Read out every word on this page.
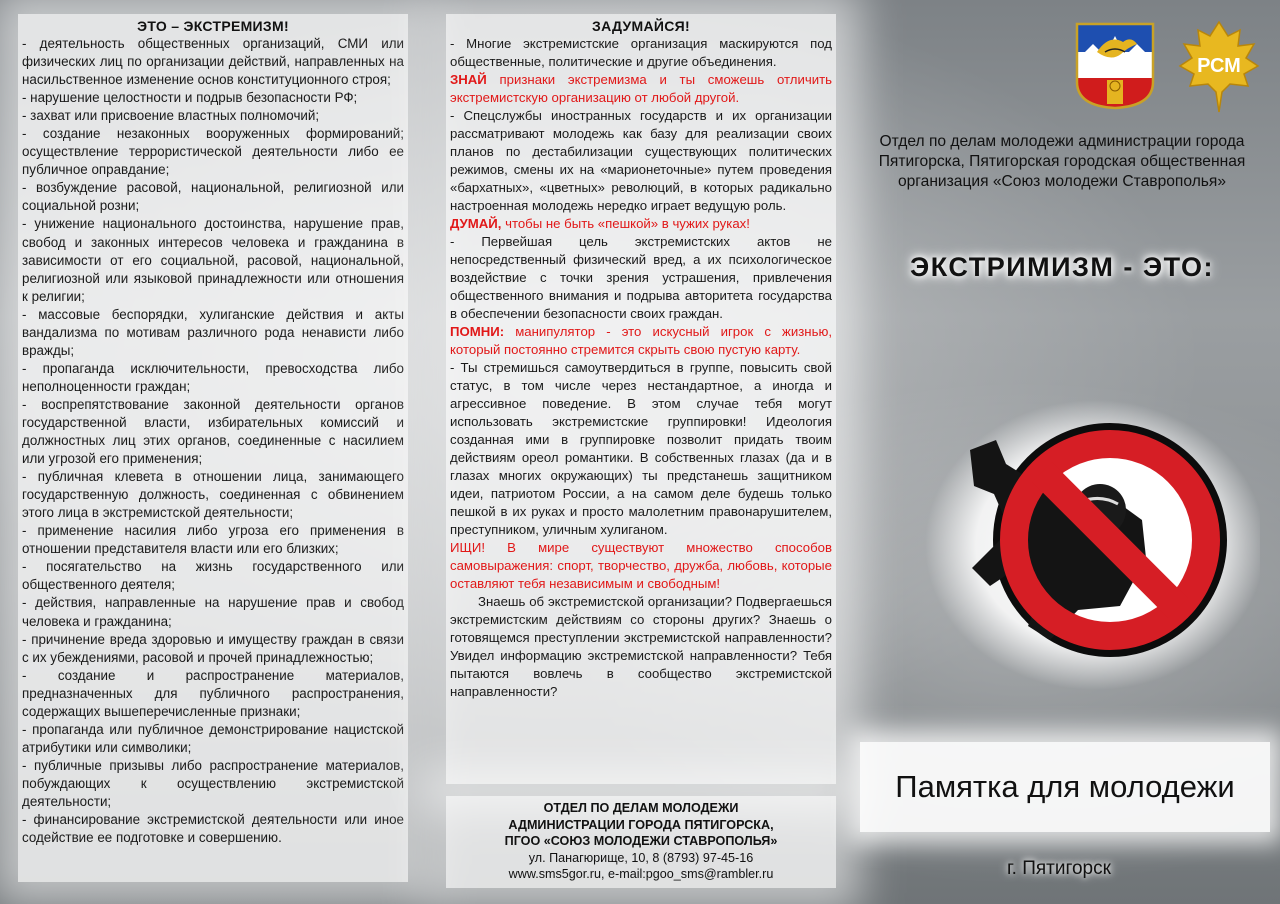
ЭТО – ЭКСТРЕМИЗМ!

- деятельность общественных организаций, СМИ или физических лиц по организации действий, направленных на насильственное изменение основ конституционного строя;

- нарушение целостности и подрыв безопасности РФ;

- захват или присвоение властных полномочий;

- создание незаконных вооруженных формирований; осуществление террористической деятельности либо ее публичное оправдание;

- возбуждение расовой, национальной, религиозной или социальной розни;

- унижение национального достоинства, нарушение прав, свобод и законных интересов человека и гражданина в зависимости от его социальной, расовой, национальной, религиозной или языковой принадлежности или отношения к религии;

- массовые беспорядки, хулиганские действия и акты вандализма по мотивам различного рода ненависти либо вражды;

- пропаганда исключительности, превосходства либо неполноценности граждан;

- воспрепятствование законной деятельности органов государственной власти, избирательных комиссий и должностных лиц этих органов, соединенные с насилием или угрозой его применения;

- публичная клевета в отношении лица, занимающего государственную должность, соединенная с обвинением этого лица в экстремистской деятельности;

- применение насилия либо угроза его применения в отношении представителя власти или его близких;

- посягательство на жизнь государственного или общественного деятеля;

- действия, направленные на нарушение прав и свобод человека и гражданина;

- причинение вреда здоровью и имуществу граждан в связи с их убеждениями, расовой и прочей принадлежностью;

- создание и распространение материалов, предназначенных для публичного распространения, содержащих вышеперечисленные признаки;

- пропаганда или публичное демонстрирование нацистской атрибутики или символики;

- публичные призывы либо распространение материалов, побуждающих к осуществлению экстремистской деятельности;

- финансирование экстремистской деятельности или иное содействие ее подготовке и совершению.

ЗАДУМАЙСЯ!

- Многие экстремистские организация маскируются под общественные, политические и другие объединения.

ЗНАЙ признаки экстремизма и ты сможешь отличить экстремистскую организацию от любой другой.

- Спецслужбы иностранных государств и их организации рассматривают молодежь как базу для реализации своих планов по дестабилизации существующих политических режимов, смены их на «марионеточные» путем проведения «бархатных», «цветных» революций, в которых радикально настроенная молодежь нередко играет ведущую роль.

ДУМАЙ, чтобы не быть «пешкой» в чужих руках!

- Первейшая цель экстремистских актов не непосредственный физический вред, а их психологическое воздействие с точки зрения устрашения, привлечения общественного внимания и подрыва авторитета государства в обеспечении безопасности своих граждан.

ПОМНИ: манипулятор - это искусный игрок с жизнью, который постоянно стремится скрыть свою пустую карту.

- Ты стремишься самоутвердиться в группе, повысить свой статус, в том числе через нестандартное, а иногда и агрессивное поведение. В этом случае тебя могут использовать экстремистские группировки! Идеология созданная ими в группировке позволит придать твоим действиям ореол романтики. В собственных глазах (да и в глазах многих окружающих) ты предстанешь защитником идеи, патриотом России, а на самом деле будешь только пешкой в их руках и просто малолетним правонарушителем, преступником, уличным хулиганом.

ИЩИ! В мире существуют множество способов самовыражения: спорт, творчество, дружба, любовь, которые оставляют тебя независимым и свободным!

Знаешь об экстремистской организации? Подвергаешься экстремистским действиям со стороны других? Знаешь о готовящемся преступлении экстремистской направленности? Увидел информацию экстремистской направленности? Тебя пытаются вовлечь в сообщество экстремистской направленности?

ОТДЕЛ ПО ДЕЛАМ МОЛОДЕЖИ
АДМИНИСТРАЦИИ ГОРОДА ПЯТИГОРСКА,
ПГОО «СОЮЗ МОЛОДЕЖИ СТАВРОПОЛЬЯ»
ул. Панагюрище, 10, 8 (8793) 97-45-16
www.sms5gor.ru, e-mail:pgoo_sms@rambler.ru
РСМ
Отдел по делам молодежи администрации города Пятигорска, Пятигорская городская общественная организация «Союз молодежи Ставрополья»
ЭКСТРИМИЗМ - ЭТО:
Памятка для молодежи
г. Пятигорск
